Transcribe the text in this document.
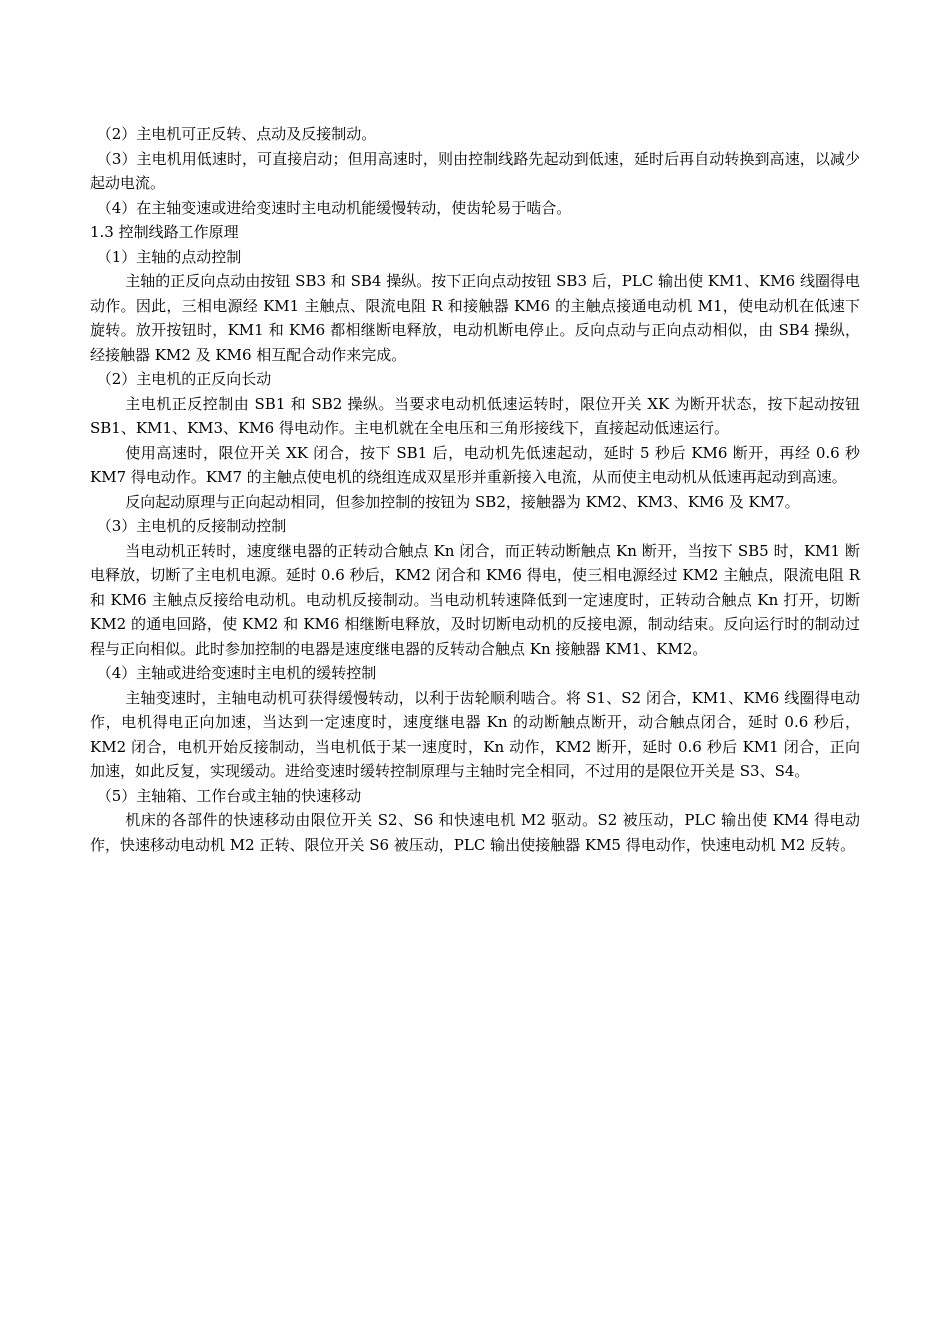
（2）主电机可正反转、点动及反接制动。

（3）主电机用低速时，可直接启动；但用高速时，则由控制线路先起动到低速，延时后再自动转换到高速，以减少起动电流。

（4）在主轴变速或进给变速时主电动机能缓慢转动，使齿轮易于啮合。

1.3 控制线路工作原理

（1）主轴的点动控制

主轴的正反向点动由按钮 SB3 和 SB4 操纵。按下正向点动按钮 SB3 后，PLC 输出使 KM1、KM6 线圈得电动作。因此，三相电源经 KM1 主触点、限流电阻 R 和接触器 KM6 的主触点接通电动机 M1，使电动机在低速下旋转。放开按钮时，KM1 和 KM6 都相继断电释放，电动机断电停止。反向点动与正向点动相似，由 SB4 操纵，经接触器 KM2 及 KM6 相互配合动作来完成。

（2）主电机的正反向长动

主电机正反控制由 SB1 和 SB2 操纵。当要求电动机低速运转时，限位开关 XK 为断开状态，按下起动按钮 SB1、KM1、KM3、KM6 得电动作。主电机就在全电压和三角形接线下，直接起动低速运行。

使用高速时，限位开关 XK 闭合，按下 SB1 后，电动机先低速起动，延时 5 秒后 KM6 断开，再经 0.6 秒 KM7 得电动作。KM7 的主触点使电机的绕组连成双星形并重新接入电流，从而使主电动机从低速再起动到高速。

反向起动原理与正向起动相同，但参加控制的按钮为 SB2，接触器为 KM2、KM3、KM6 及 KM7。

（3）主电机的反接制动控制

当电动机正转时，速度继电器的正转动合触点 Kn 闭合，而正转动断触点 Kn 断开，当按下 SB5 时，KM1 断电释放，切断了主电机电源。延时 0.6 秒后，KM2 闭合和 KM6 得电，使三相电源经过 KM2 主触点，限流电阻 R 和 KM6 主触点反接给电动机。电动机反接制动。当电动机转速降低到一定速度时，正转动合触点 Kn 打开，切断 KM2 的通电回路，使 KM2 和 KM6 相继断电释放，及时切断电动机的反接电源，制动结束。反向运行时的制动过程与正向相似。此时参加控制的电器是速度继电器的反转动合触点 Kn 接触器 KM1、KM2。

（4）主轴或进给变速时主电机的缓转控制

主轴变速时，主轴电动机可获得缓慢转动，以利于齿轮顺利啮合。将 S1、S2 闭合，KM1、KM6 线圈得电动作，电机得电正向加速，当达到一定速度时，速度继电器 Kn 的动断触点断开，动合触点闭合，延时 0.6 秒后，KM2 闭合，电机开始反接制动，当电机低于某一速度时，Kn 动作，KM2 断开，延时 0.6 秒后 KM1 闭合，正向加速，如此反复，实现缓动。进给变速时缓转控制原理与主轴时完全相同，不过用的是限位开关是 S3、S4。

（5）主轴箱、工作台或主轴的快速移动

机床的各部件的快速移动由限位开关 S2、S6 和快速电机 M2 驱动。S2 被压动，PLC 输出使 KM4 得电动作，快速移动电动机 M2 正转、限位开关 S6 被压动，PLC 输出使接触器 KM5 得电动作，快速电动机 M2 反转。
